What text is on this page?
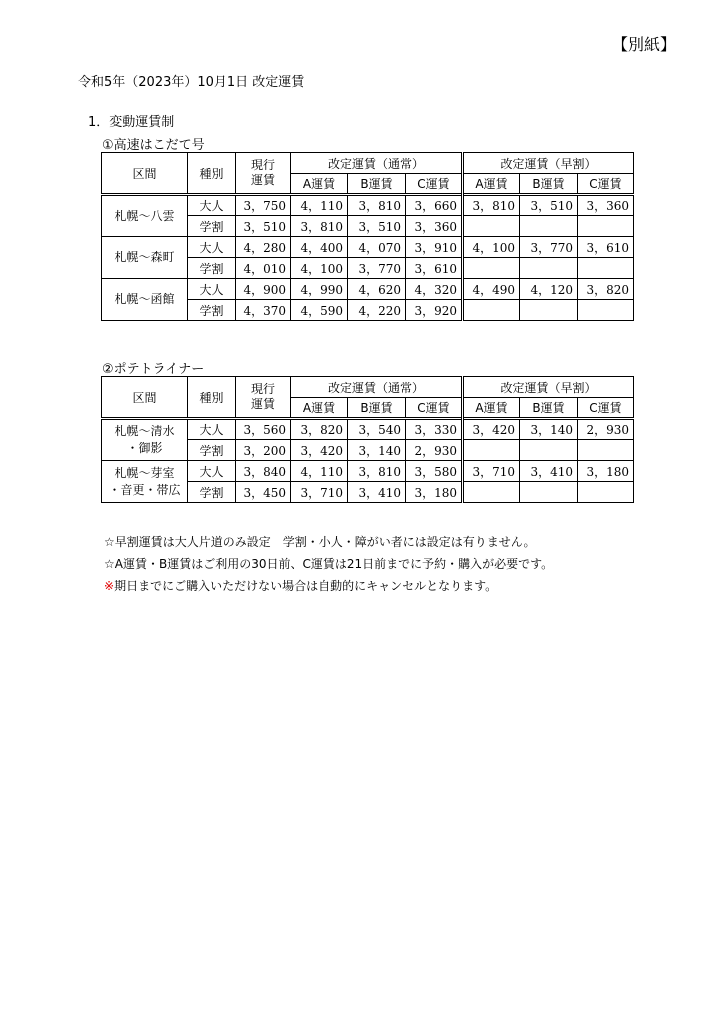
【別紙】
令和5年（2023年）10月1日 改定運賃
1．変動運賃制
①高速はこだて号
区間	種別	現行
運賃	改定運賃（通常）			改定運賃（早割）		
			A運賃	B運賃	C運賃	A運賃	B運賃	C運賃
札幌～八雲	大人	3，750	4，110	3，810	3，660	3，810	3，510	3，360
	学割	3，510	3，810	3，510	3，360			
札幌～森町	大人	4，280	4，400	4，070	3，910	4，100	3，770	3，610
	学割	4，010	4，100	3，770	3，610			
札幌～函館	大人	4，900	4，990	4，620	4，320	4，490	4，120	3，820
	学割	4，370	4，590	4，220	3，920			
②ポテトライナー
区間	種別	現行
運賃	改定運賃（通常）			改定運賃（早割）		
			A運賃	B運賃	C運賃	A運賃	B運賃	C運賃
札幌～清水
・御影	大人	3，560	3，820	3，540	3，330	3，420	3，140	2，930
	学割	3，200	3，420	3，140	2，930			
札幌～芽室
・音更・帯広	大人	3，840	4，110	3，810	3，580	3，710	3，410	3，180
	学割	3，450	3，710	3，410	3，180			
☆早割運賃は大人片道のみ設定　学割・小人・障がい者には設定は有りません。
☆A運賃・B運賃はご利用の30日前、C運賃は21日前までに予約・購入が必要です。
※期日までにご購入いただけない場合は自動的にキャンセルとなります。
